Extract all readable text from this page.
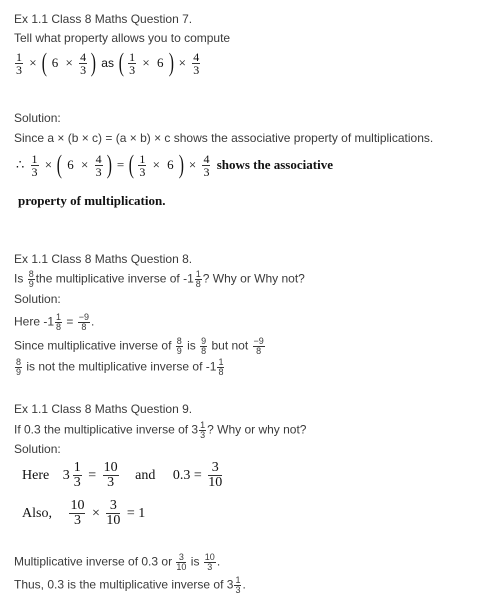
Ex 1.1 Class 8 Maths Question 7.
Tell what property allows you to compute
$\frac{1}{3}$ × ( $6 \times \frac{4}{3}$ ) as ( $\frac{1}{3} \times 6$ ) × $\frac{4}{3}$
Solution:
Since a × (b × c) = (a × b) × c shows the associative property of multiplications.
∴ $\frac{1}{3}$ × ( $6 \times \frac{4}{3}$ ) = ( $\frac{1}{3} \times 6$ ) × $\frac{4}{3}$ shows the associative
property of multiplication.
Ex 1.1 Class 8 Maths Question 8.
Is $\frac{8}{9}$ the multiplicative inverse of $-1 \frac{1}{8}$ ? Why or Why not?
Solution:
Here $-1 \frac{1}{8} = \frac{-9}{8}$ .
Since multiplicative inverse of $\frac{8}{9}$ is $\frac{9}{8}$ but not $\frac{-9}{8}$
$\frac{8}{9}$ is not the multiplicative inverse of $-1 \frac{1}{8}$
Ex 1.1 Class 8 Maths Question 9.
If 0.3 the multiplicative inverse of $3 \frac{1}{3}$ ? Why or why not?
Solution:
Here $3 \frac{1}{3} = \frac{10}{3}$ and $0.3 = \frac{3}{10}$
Also, $\frac{10}{3} \times \frac{3}{10} = 1$
Multiplicative inverse of 0.3 or $\frac{3}{10}$ is $\frac{10}{3}$ .
Thus, 0.3 is the multiplicative inverse of $3 \frac{1}{3}$ .
